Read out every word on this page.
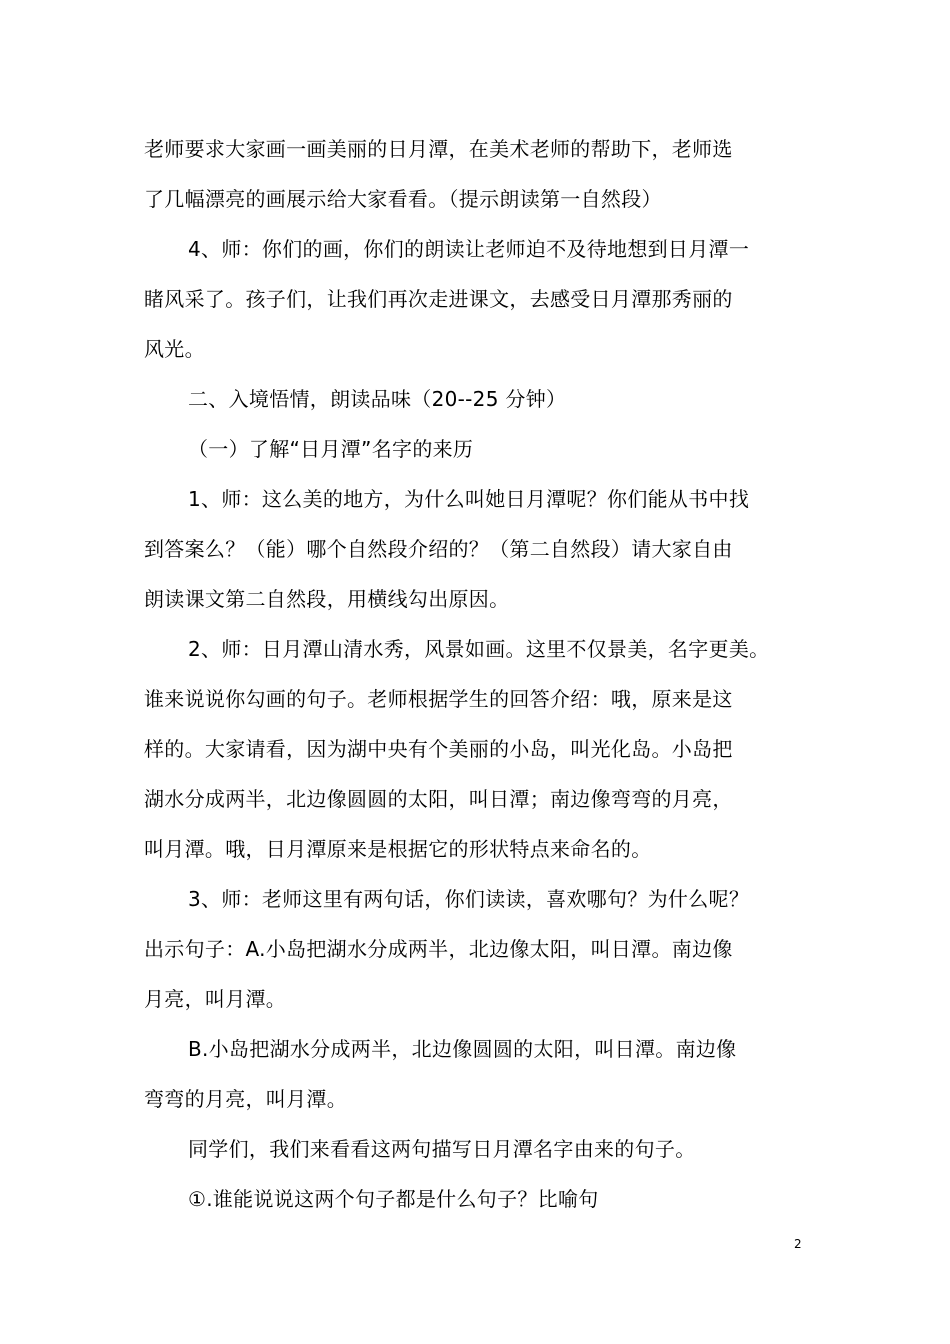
老师要求大家画一画美丽的日月潭，在美术老师的帮助下，老师选
了几幅漂亮的画展示给大家看看。（提示朗读第一自然段）
4、师：你们的画，你们的朗读让老师迫不及待地想到日月潭一
睹风采了。孩子们，让我们再次走进课文，去感受日月潭那秀丽的
风光。
二、入境悟情，朗读品味（20--25 分钟）
（一）了解“日月潭”名字的来历
1、师：这么美的地方，为什么叫她日月潭呢？你们能从书中找
到答案么？（能）哪个自然段介绍的？（第二自然段）请大家自由
朗读课文第二自然段，用横线勾出原因。
2、师：日月潭山清水秀，风景如画。这里不仅景美，名字更美。
谁来说说你勾画的句子。老师根据学生的回答介绍：哦，原来是这
样的。大家请看，因为湖中央有个美丽的小岛，叫光化岛。小岛把
湖水分成两半，北边像圆圆的太阳，叫日潭；南边像弯弯的月亮，
叫月潭。哦，日月潭原来是根据它的形状特点来命名的。
3、师：老师这里有两句话，你们读读，喜欢哪句？为什么呢？
出示句子：A.小岛把湖水分成两半，北边像太阳，叫日潭。南边像
月亮，叫月潭。
B.小岛把湖水分成两半，北边像圆圆的太阳，叫日潭。南边像
弯弯的月亮，叫月潭。
同学们，我们来看看这两句描写日月潭名字由来的句子。
①.谁能说说这两个句子都是什么句子？比喻句
2
